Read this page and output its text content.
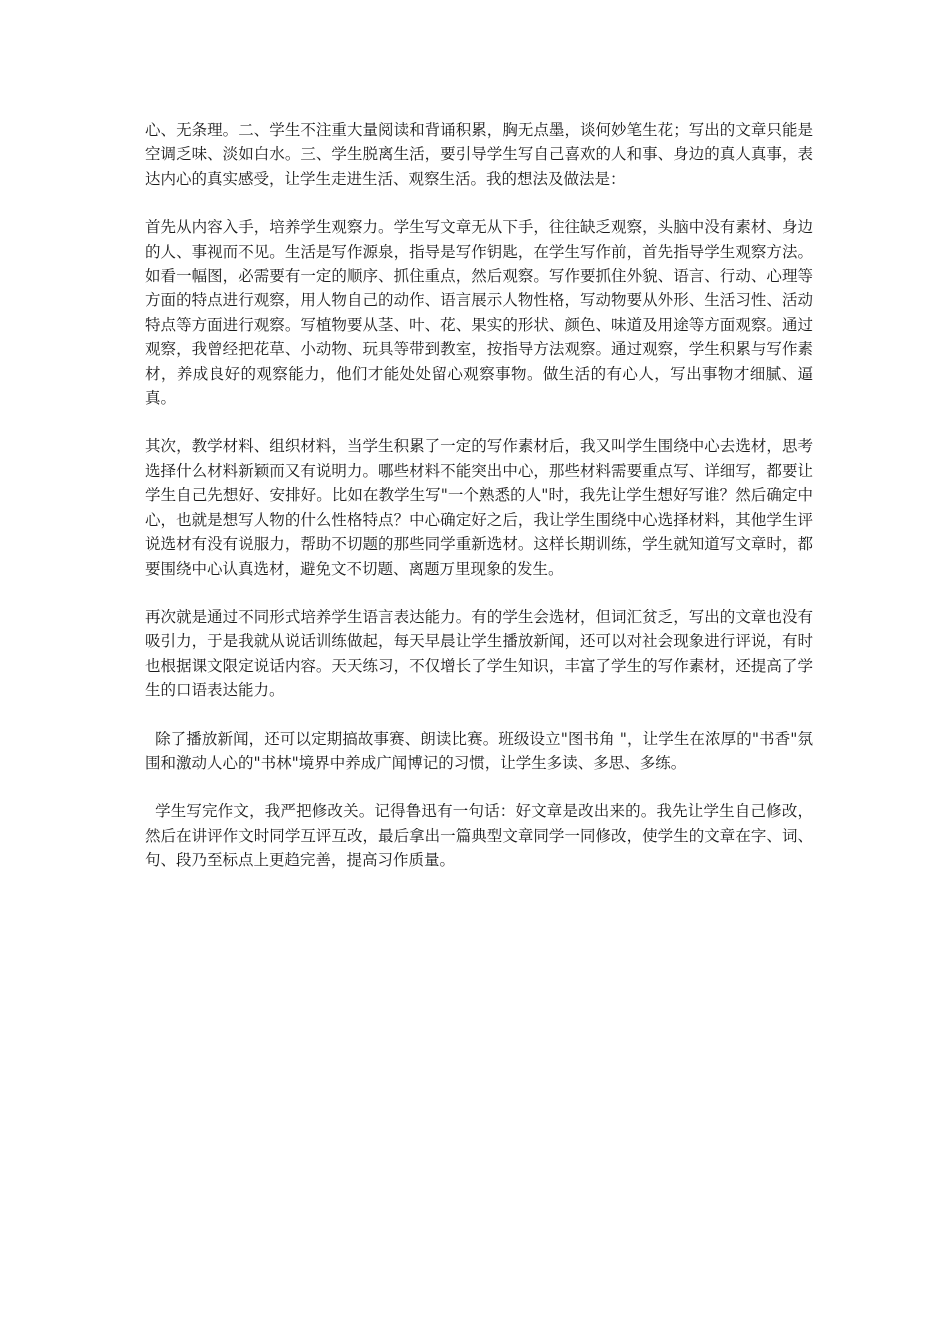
心、无条理。二、学生不注重大量阅读和背诵积累，胸无点墨，谈何妙笔生花；写出的文章只能是空调乏味、淡如白水。三、学生脱离生活，要引导学生写自己喜欢的人和事、身边的真人真事，表达内心的真实感受，让学生走进生活、观察生活。我的想法及做法是：

首先从内容入手，培养学生观察力。学生写文章无从下手，往往缺乏观察，头脑中没有素材、身边的人、事视而不见。生活是写作源泉，指导是写作钥匙，在学生写作前，首先指导学生观察方法。如看一幅图，必需要有一定的顺序、抓住重点，然后观察。写作要抓住外貌、语言、行动、心理等方面的特点进行观察，用人物自己的动作、语言展示人物性格，写动物要从外形、生活习性、活动特点等方面进行观察。写植物要从茎、叶、花、果实的形状、颜色、味道及用途等方面观察。通过观察，我曾经把花草、小动物、玩具等带到教室，按指导方法观察。通过观察，学生积累与写作素材，养成良好的观察能力，他们才能处处留心观察事物。做生活的有心人，写出事物才细腻、逼真。

其次，教学材料、组织材料，当学生积累了一定的写作素材后，我又叫学生围绕中心去选材，思考选择什么材料新颖而又有说明力。哪些材料不能突出中心，那些材料需要重点写、详细写，都要让学生自己先想好、安排好。比如在教学生写"一个熟悉的人"时，我先让学生想好写谁？然后确定中心，也就是想写人物的什么性格特点？中心确定好之后，我让学生围绕中心选择材料，其他学生评说选材有没有说服力，帮助不切题的那些同学重新选材。这样长期训练，学生就知道写文章时，都要围绕中心认真选材，避免文不切题、离题万里现象的发生。

再次就是通过不同形式培养学生语言表达能力。有的学生会选材，但词汇贫乏，写出的文章也没有吸引力，于是我就从说话训练做起，每天早晨让学生播放新闻，还可以对社会现象进行评说，有时也根据课文限定说话内容。天天练习，不仅增长了学生知识，丰富了学生的写作素材，还提高了学生的口语表达能力。

除了播放新闻，还可以定期搞故事赛、朗读比赛。班级设立"图书角 "，让学生在浓厚的"书香"氛围和激动人心的"书林"境界中养成广闻博记的习惯，让学生多读、多思、多练。

学生写完作文，我严把修改关。记得鲁迅有一句话：好文章是改出来的。我先让学生自己修改，然后在讲评作文时同学互评互改，最后拿出一篇典型文章同学一同修改，使学生的文章在字、词、句、段乃至标点上更趋完善，提高习作质量。
